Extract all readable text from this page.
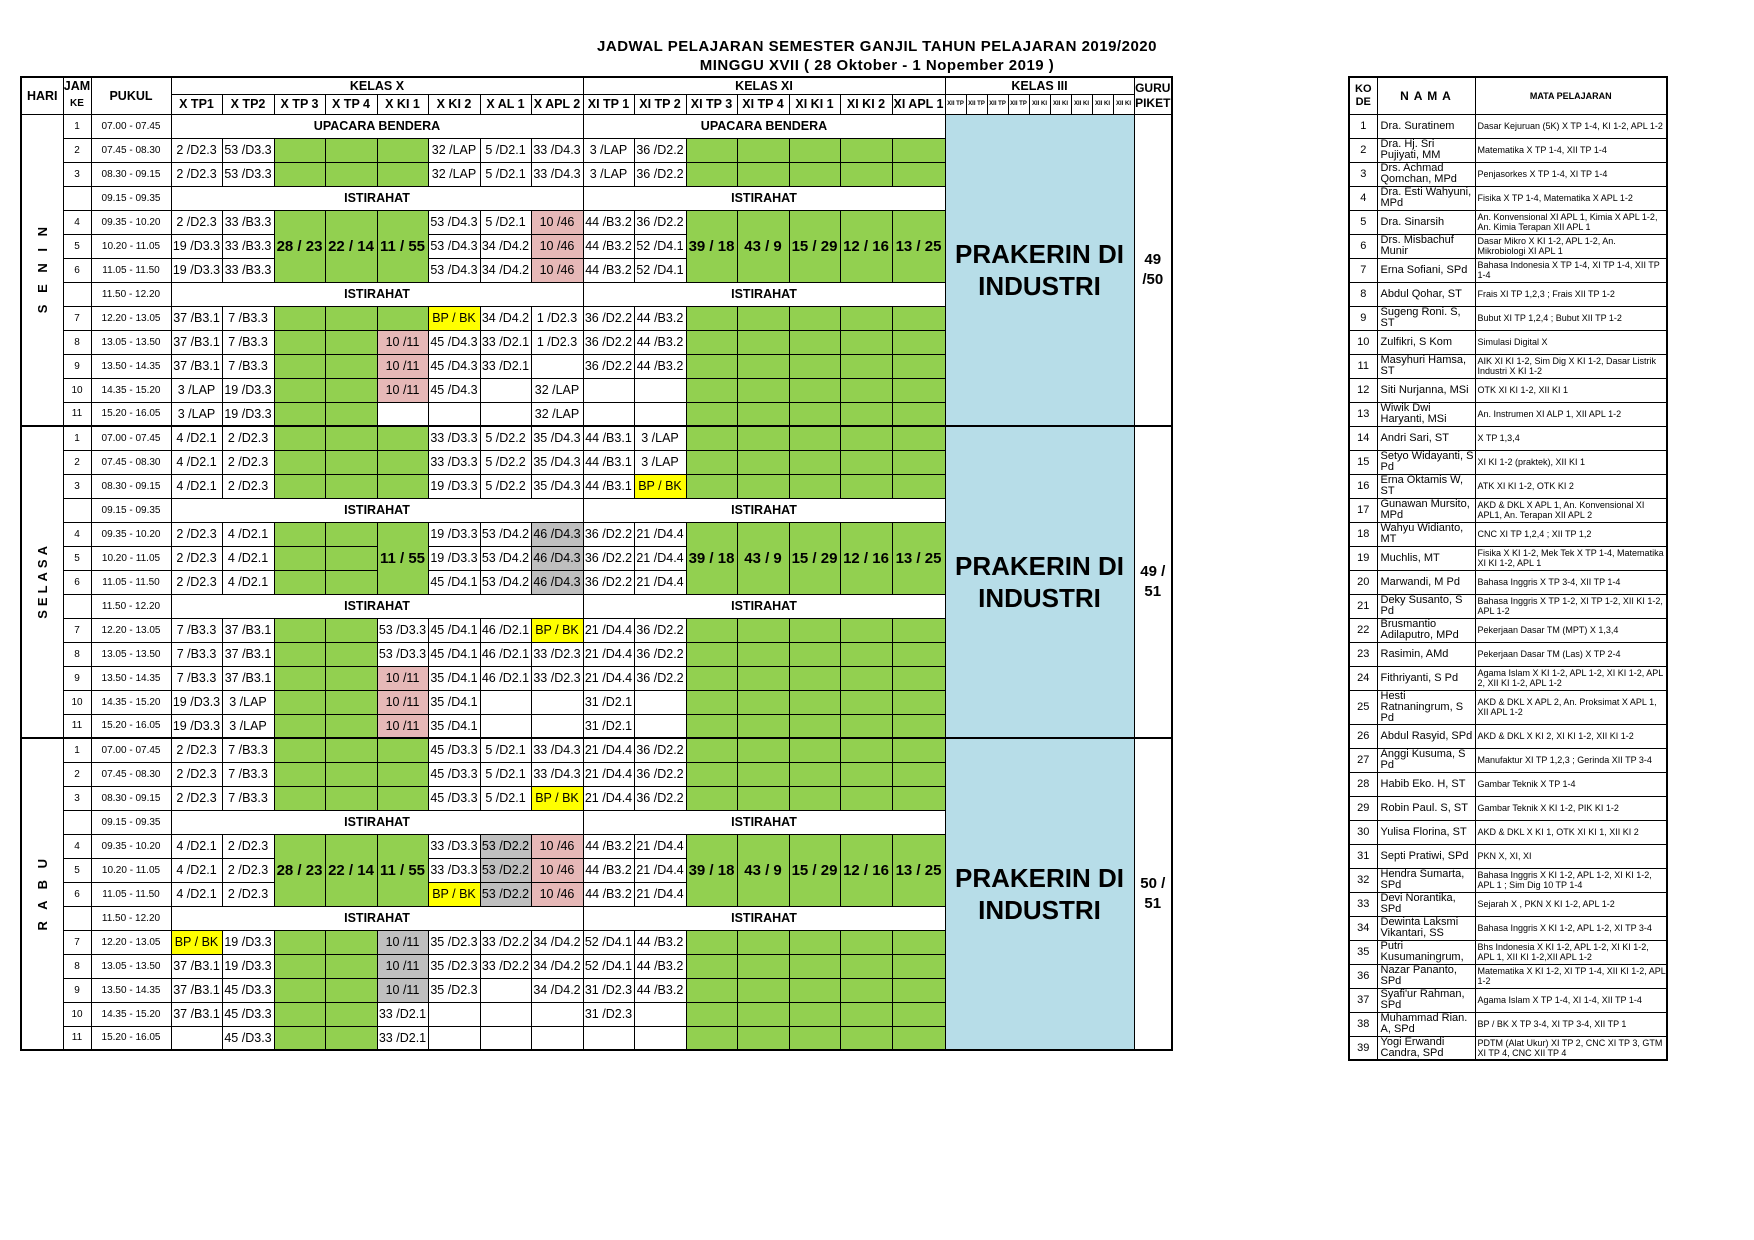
JADWAL PELAJARAN SEMESTER GANJIL TAHUN PELAJARAN 2019/2020
MINGGU XVII ( 28 Oktober - 1 Nopember 2019 )
HARI	JAM	PUKUL	KELAS X								KELAS XI							KELAS III									GURU PIKET
	KE		X TP1	X TP2	X TP 3	X TP 4	X KI 1	X KI 2	X AL 1	X APL 2	XI TP 1	XI TP 2	XI TP 3	XI TP 4	XI KI 1	XI KI 2	XI APL 1	XII TP	XII TP	XII TP	XII TP	XII KI	XII KI	XII KI	XII KI	XII KI	
S E N I N	1	07.00 - 07.45	UPACARA BENDERA								UPACARA BENDERA							PRAKERIN DI INDUSTRI									49 /50
	2	07.45 - 08.30	2 /D2.3	53 /D3.3				32 /LAP	5 /D2.1	33 /D4.3	3 /LAP	36 /D2.2															
	3	08.30 - 09.15	2 /D2.3	53 /D3.3				32 /LAP	5 /D2.1	33 /D4.3	3 /LAP	36 /D2.2															
		09.15 - 09.35	ISTIRAHAT								ISTIRAHAT																
	4	09.35 - 10.20	2 /D2.3	33 /B3.3	28 / 23	22 / 14	11 / 55	53 /D4.3	5 /D2.1	10 /46	44 /B3.2	36 /D2.2	39 / 18	43 / 9	15 / 29	12 / 16	13 / 25										
	5	10.20 - 11.05	19 /D3.3	33 /B3.3				53 /D4.3	34 /D4.2	10 /46	44 /B3.2	52 /D4.1															
	6	11.05 - 11.50	19 /D3.3	33 /B3.3				53 /D4.3	34 /D4.2	10 /46	44 /B3.2	52 /D4.1															
		11.50 - 12.20	ISTIRAHAT								ISTIRAHAT																
	7	12.20 - 13.05	37 /B3.1	7 /B3.3				BP / BK	34 /D4.2	1 /D2.3	36 /D2.2	44 /B3.2															
	8	13.05 - 13.50	37 /B3.1	7 /B3.3			10 /11	45 /D4.3	33 /D2.1	1 /D2.3	36 /D2.2	44 /B3.2															
	9	13.50 - 14.35	37 /B3.1	7 /B3.3			10 /11	45 /D4.3	33 /D2.1		36 /D2.2	44 /B3.2															
	10	14.35 - 15.20	3 /LAP	19 /D3.3			10 /11	45 /D4.3		32 /LAP																	
	11	15.20 - 16.05	3 /LAP	19 /D3.3						32 /LAP																	
SELASA	1	07.00 - 07.45	4 /D2.1	2 /D2.3				33 /D3.3	5 /D2.2	35 /D4.3	44 /B3.1	3 /LAP						PRAKERIN DI INDUSTRI									49 / 51
	2	07.45 - 08.30	4 /D2.1	2 /D2.3				33 /D3.3	5 /D2.2	35 /D4.3	44 /B3.1	3 /LAP															
	3	08.30 - 09.15	4 /D2.1	2 /D2.3				19 /D3.3	5 /D2.2	35 /D4.3	44 /B3.1	BP / BK															
		09.15 - 09.35	ISTIRAHAT								ISTIRAHAT																
	4	09.35 - 10.20	2 /D2.3	4 /D2.1			11 / 55	19 /D3.3	53 /D4.2	46 /D4.3	36 /D2.2	21 /D4.4	39 / 18	43 / 9	15 / 29	12 / 16	13 / 25										
	5	10.20 - 11.05	2 /D2.3	4 /D2.1				19 /D3.3	53 /D4.2	46 /D4.3	36 /D2.2	21 /D4.4															
	6	11.05 - 11.50	2 /D2.3	4 /D2.1				45 /D4.1	53 /D4.2	46 /D4.3	36 /D2.2	21 /D4.4															
		11.50 - 12.20	ISTIRAHAT								ISTIRAHAT																
	7	12.20 - 13.05	7 /B3.3	37 /B3.1			53 /D3.3	45 /D4.1	46 /D2.1	BP / BK	21 /D4.4	36 /D2.2															
	8	13.05 - 13.50	7 /B3.3	37 /B3.1			53 /D3.3	45 /D4.1	46 /D2.1	33 /D2.3	21 /D4.4	36 /D2.2															
	9	13.50 - 14.35	7 /B3.3	37 /B3.1			10 /11	35 /D4.1	46 /D2.1	33 /D2.3	21 /D4.4	36 /D2.2															
	10	14.35 - 15.20	19 /D3.3	3 /LAP			10 /11	35 /D4.1			31 /D2.1																
	11	15.20 - 16.05	19 /D3.3	3 /LAP			10 /11	35 /D4.1			31 /D2.1																
R A B U	1	07.00 - 07.45	2 /D2.3	7 /B3.3				45 /D3.3	5 /D2.1	33 /D4.3	21 /D4.4	36 /D2.2						PRAKERIN DI INDUSTRI									50 / 51
	2	07.45 - 08.30	2 /D2.3	7 /B3.3				45 /D3.3	5 /D2.1	33 /D4.3	21 /D4.4	36 /D2.2															
	3	08.30 - 09.15	2 /D2.3	7 /B3.3				45 /D3.3	5 /D2.1	BP / BK	21 /D4.4	36 /D2.2															
		09.15 - 09.35	ISTIRAHAT								ISTIRAHAT																
	4	09.35 - 10.20	4 /D2.1	2 /D2.3	28 / 23	22 / 14	11 / 55	33 /D3.3	53 /D2.2	10 /46	44 /B3.2	21 /D4.4	39 / 18	43 / 9	15 / 29	12 / 16	13 / 25										
	5	10.20 - 11.05	4 /D2.1	2 /D2.3				33 /D3.3	53 /D2.2	10 /46	44 /B3.2	21 /D4.4															
	6	11.05 - 11.50	4 /D2.1	2 /D2.3				BP / BK	53 /D2.2	10 /46	44 /B3.2	21 /D4.4															
		11.50 - 12.20	ISTIRAHAT								ISTIRAHAT																
	7	12.20 - 13.05	BP / BK	19 /D3.3			10 /11	35 /D2.3	33 /D2.2	34 /D4.2	52 /D4.1	44 /B3.2															
	8	13.05 - 13.50	37 /B3.1	19 /D3.3			10 /11	35 /D2.3	33 /D2.2	34 /D4.2	52 /D4.1	44 /B3.2															
	9	13.50 - 14.35	37 /B3.1	45 /D3.3			10 /11	35 /D2.3		34 /D4.2	31 /D2.3	44 /B3.2															
	10	14.35 - 15.20	37 /B3.1	45 /D3.3			33 /D2.1				31 /D2.3																
	11	15.20 - 16.05		45 /D3.3			33 /D2.1																				
KO DE	N A M A	MATA PELAJARAN
1	Dra. Suratinem	Dasar Kejuruan (5K) X TP 1-4, KI 1-2, APL 1-2
2	Dra. Hj. Sri Pujiyati, MM	Matematika X TP 1-4, XII TP 1-4
3	Drs. Achmad Qomchan, MPd	Penjasorkes X TP 1-4, XI TP 1-4
4	Dra. Esti Wahyuni, MPd	Fisika X TP 1-4, Matematika X APL 1-2
5	Dra. Sinarsih	An. Konvensional XI APL 1, Kimia X APL 1-2, An. Kimia Terapan XII APL 1
6	Drs. Misbachuf Munir	Dasar Mikro X KI 1-2, APL 1-2, An. Mikrobiologi XI APL 1
7	Erna Sofiani, SPd	Bahasa Indonesia X TP 1-4, XI TP 1-4, XII TP 1-4
8	Abdul Qohar, ST	Frais XI TP 1,2,3 ; Frais XII TP 1-2
9	Sugeng Roni. S, ST	Bubut XI TP 1,2,4 ; Bubut XII TP 1-2
10	Zulfikri, S Kom	Simulasi Digital X
11	Masyhuri Hamsa, ST	AIK XI KI 1-2, Sim Dig X KI 1-2, Dasar Listrik Industri X KI 1-2
12	Siti Nurjanna, MSi	OTK XI KI 1-2, XII KI 1
13	Wiwik Dwi Haryanti, MSi	An. Instrumen XI ALP 1, XII APL 1-2
14	Andri Sari, ST	X TP 1,3,4
15	Setyo Widayanti, S Pd	XI KI 1-2 (praktek), XII KI 1
16	Erna Oktamis W, ST	ATK XI KI 1-2, OTK KI 2
17	Gunawan Mursito, MPd	AKD & DKL X APL 1, An. Konvensional XI APL1, An. Terapan XII APL 2
18	Wahyu Widianto, MT	CNC XI TP 1,2,4 ; XII TP 1,2
19	Muchlis, MT	Fisika X KI 1-2, Mek Tek X TP 1-4, Matematika XI KI 1-2, APL 1
20	Marwandi, M Pd	Bahasa Inggris X TP 3-4, XII TP 1-4
21	Deky Susanto, S Pd	Bahasa Inggris X TP 1-2, XI TP 1-2, XII KI 1-2, APL 1-2
22	Brusmantio Adilaputro, MPd	Pekerjaan Dasar TM (MPT) X 1,3,4
23	Rasimin, AMd	Pekerjaan Dasar TM (Las) X TP 2-4
24	Fithriyanti, S Pd	Agama Islam X KI 1-2, APL 1-2, XI KI 1-2, APL 2, XII KI 1-2, APL 1-2
25	Hesti Ratnaningrum, S Pd	AKD & DKL X APL 2, An. Proksimat X APL 1, XII APL 1-2
26	Abdul Rasyid, SPd	AKD & DKL X KI 2, XI KI 1-2, XII KI 1-2
27	Anggi Kusuma, S Pd	Manufaktur XI TP 1,2,3 ; Gerinda XII TP 3-4
28	Habib Eko. H, ST	Gambar Teknik X TP 1-4
29	Robin Paul. S, ST	Gambar Teknik X KI 1-2, PIK KI 1-2
30	Yulisa Florina, ST	AKD & DKL X KI 1, OTK XI KI 1, XII KI 2
31	Septi Pratiwi, SPd	PKN X, XI, XI
32	Hendra Sumarta, SPd	Bahasa Inggris X KI 1-2, APL 1-2, XI KI 1-2, APL 1 ; Sim Dig 10 TP 1-4
33	Devi Norantika, SPd	Sejarah X , PKN X KI 1-2, APL 1-2
34	Dewinta Laksmi Vikantari, SS	Bahasa Inggris X KI 1-2, APL 1-2, XI TP 3-4
35	Putri Kusumaningrum,	Bhs Indonesia X KI 1-2, APL 1-2, XI KI 1-2, APL 1, XII KI 1-2,XII APL 1-2
36	Nazar Pananto, SPd	Matematika X KI 1-2, XI TP 1-4, XII KI 1-2, APL 1-2
37	Syafi'ur Rahman, SPd	Agama Islam X TP 1-4, XI 1-4, XII TP 1-4
38	Muhammad Rian. A, SPd	BP / BK X TP 3-4, XI TP 3-4, XII TP 1
39	Yogi Erwandi Candra, SPd	PDTM (Alat Ukur) XI TP 2, CNC XI TP 3, GTM XI TP 4, CNC XII TP 4
